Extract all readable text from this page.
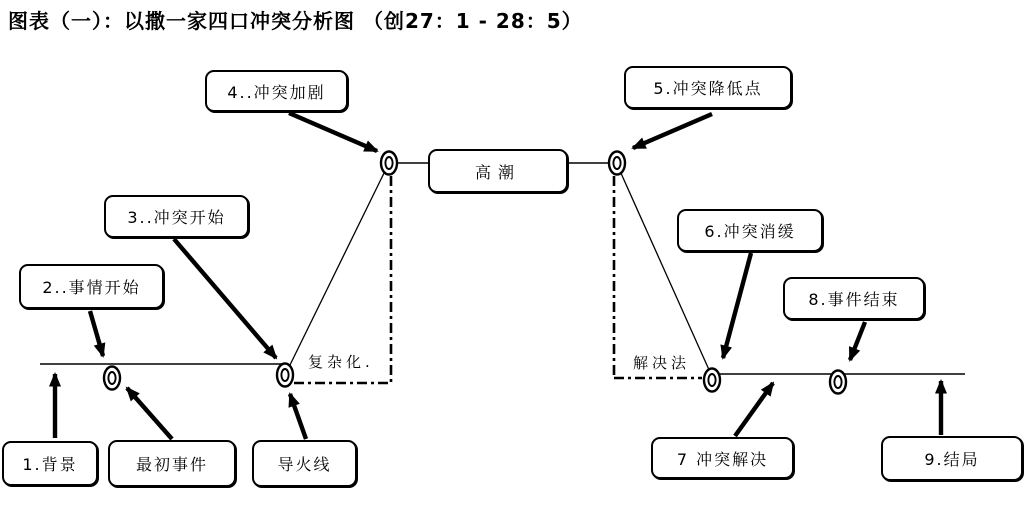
图表（一）：以撒一家四口冲突分析图 （创27：1 - 28：5）
1.背景	最初事件	导火线
2..事情开始
3..冲突开始
4..冲突加剧
高潮
5.冲突降低点
6.冲突消缓
8.事件结束
7 冲突解决	9.结局
复杂化.	解决法
